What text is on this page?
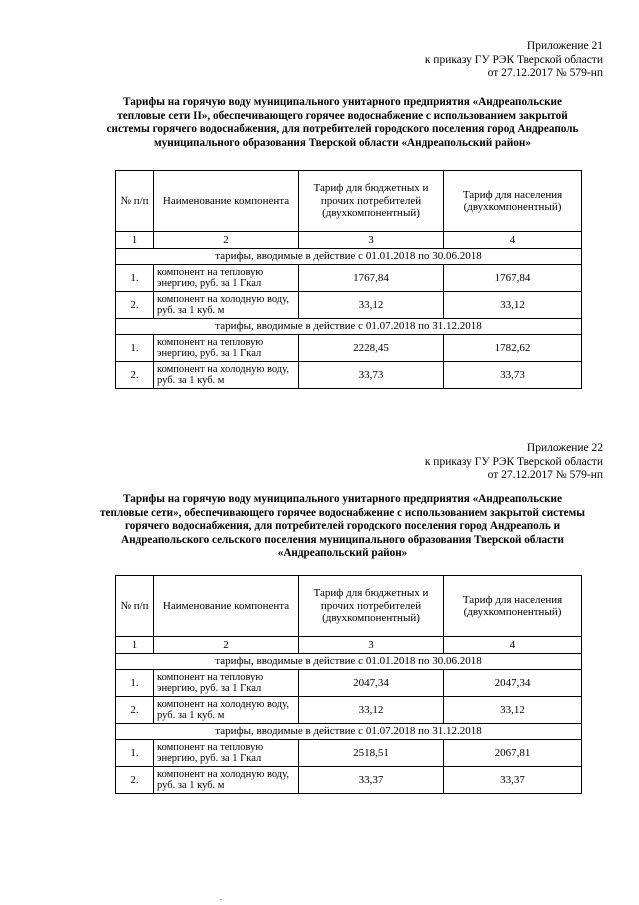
Приложение 21
к приказу ГУ РЭК Тверской области
от 27.12.2017 № 579-нп
Тарифы на горячую воду муниципального унитарного предприятия «Андреапольские тепловые сети II», обеспечивающего горячее водоснабжение с использованием закрытой системы горячего водоснабжения, для потребителей городского поселения город Андреаполь муниципального образования Тверской области «Андреапольский район»
№ п/п	Наименование компонента	Тариф для бюджетных и прочих потребителей (двухкомпонентный)	Тариф для населения (двухкомпонентный)
1	2	3	4
тарифы, вводимые в действие с 01.01.2018 по 30.06.2018			
1.	компонент на тепловую энергию, руб. за 1 Гкал	1767,84	1767,84
2.	компонент на холодную воду, руб. за 1 куб. м	33,12	33,12
тарифы, вводимые в действие с 01.07.2018 по 31.12.2018			
1.	компонент на тепловую энергию, руб. за 1 Гкал	2228,45	1782,62
2.	компонент на холодную воду, руб. за 1 куб. м	33,73	33,73
Приложение 22
к приказу ГУ РЭК Тверской области
от 27.12.2017 № 579-нп
Тарифы на горячую воду муниципального унитарного предприятия «Андреапольские тепловые сети», обеспечивающего горячее водоснабжение с использованием закрытой системы горячего водоснабжения, для потребителей городского поселения город Андреаполь и Андреапольского сельского поселения муниципального образования Тверской области «Андреапольский район»
№ п/п	Наименование компонента	Тариф для бюджетных и прочих потребителей (двухкомпонентный)	Тариф для населения (двухкомпонентный)
1	2	3	4
тарифы, вводимые в действие с 01.01.2018 по 30.06.2018			
1.	компонент на тепловую энергию, руб. за 1 Гкал	2047,34	2047,34
2.	компонент на холодную воду, руб. за 1 куб. м	33,12	33,12
тарифы, вводимые в действие с 01.07.2018 по 31.12.2018			
1.	компонент на тепловую энергию, руб. за 1 Гкал	2518,51	2067,81
2.	компонент на холодную воду, руб. за 1 куб. м	33,37	33,37
.
